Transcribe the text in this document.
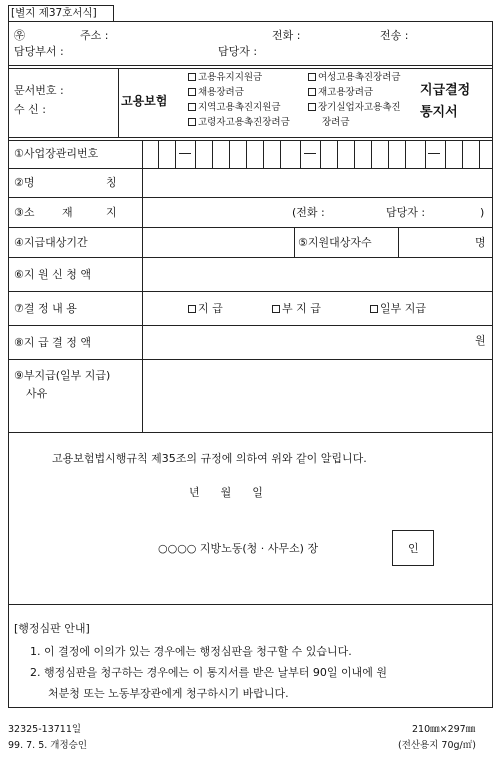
[별지 제37호서식]
㉾	주소 :	전화 :	전송 :
담당부서 :	담당자 :
문서번호 :
수 신 :
고용보험
고용유지지원금
채용장려금
지역고용촉진지원금
고령자고용촉진장려금
여성고용촉진장려금
재고용장려금
장기실업자고용촉진
장려금
지급결정
통지서
①사업장관리번호
②명	칭
③소	재	지	(전화 :	담당자 :	)
④지급대상기간	⑤지원대상자수	명
⑥지 원 신 청 액
⑦결 정 내 용	지 급	부 지 급	일부 지급
⑧지 급 결 정 액	원
⑨부지급(일부 지급)
사유
고용보험법시행규칙 제35조의 규정에 의하여 위와 같이 알립니다.
년      월      일
○○○○ 지방노동(청 · 사무소) 장	인
[행정심판 안내]
1. 이 결정에 이의가 있는 경우에는 행정심판을 청구할 수 있습니다.
2. 행정심판을 청구하는 경우에는 이 통지서를 받은 날부터 90일 이내에 원
처분청 또는 노동부장관에게 청구하시기 바랍니다.
32325-13711일
99. 7. 5. 개정승인
210㎜×297㎜
(전산용지 70g/㎡)
